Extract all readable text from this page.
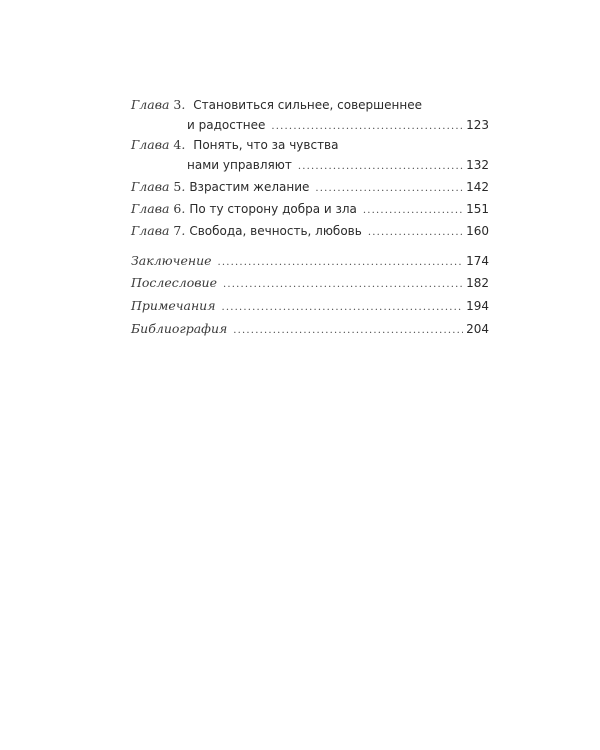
Глава 3.
Становиться сильнее, совершеннее
и радостнее .....	123
Глава 4.
Понять, что за чувства
нами управляют .....	132
Глава 5.
Взрастим желание .....	142
Глава 6.
По ту сторону добра и зла .....	151
Глава 7.
Свобода, вечность, любовь .....	160
Заключение .....	174
Послесловие .....	182
Примечания .....	194
Библиография .....	204
